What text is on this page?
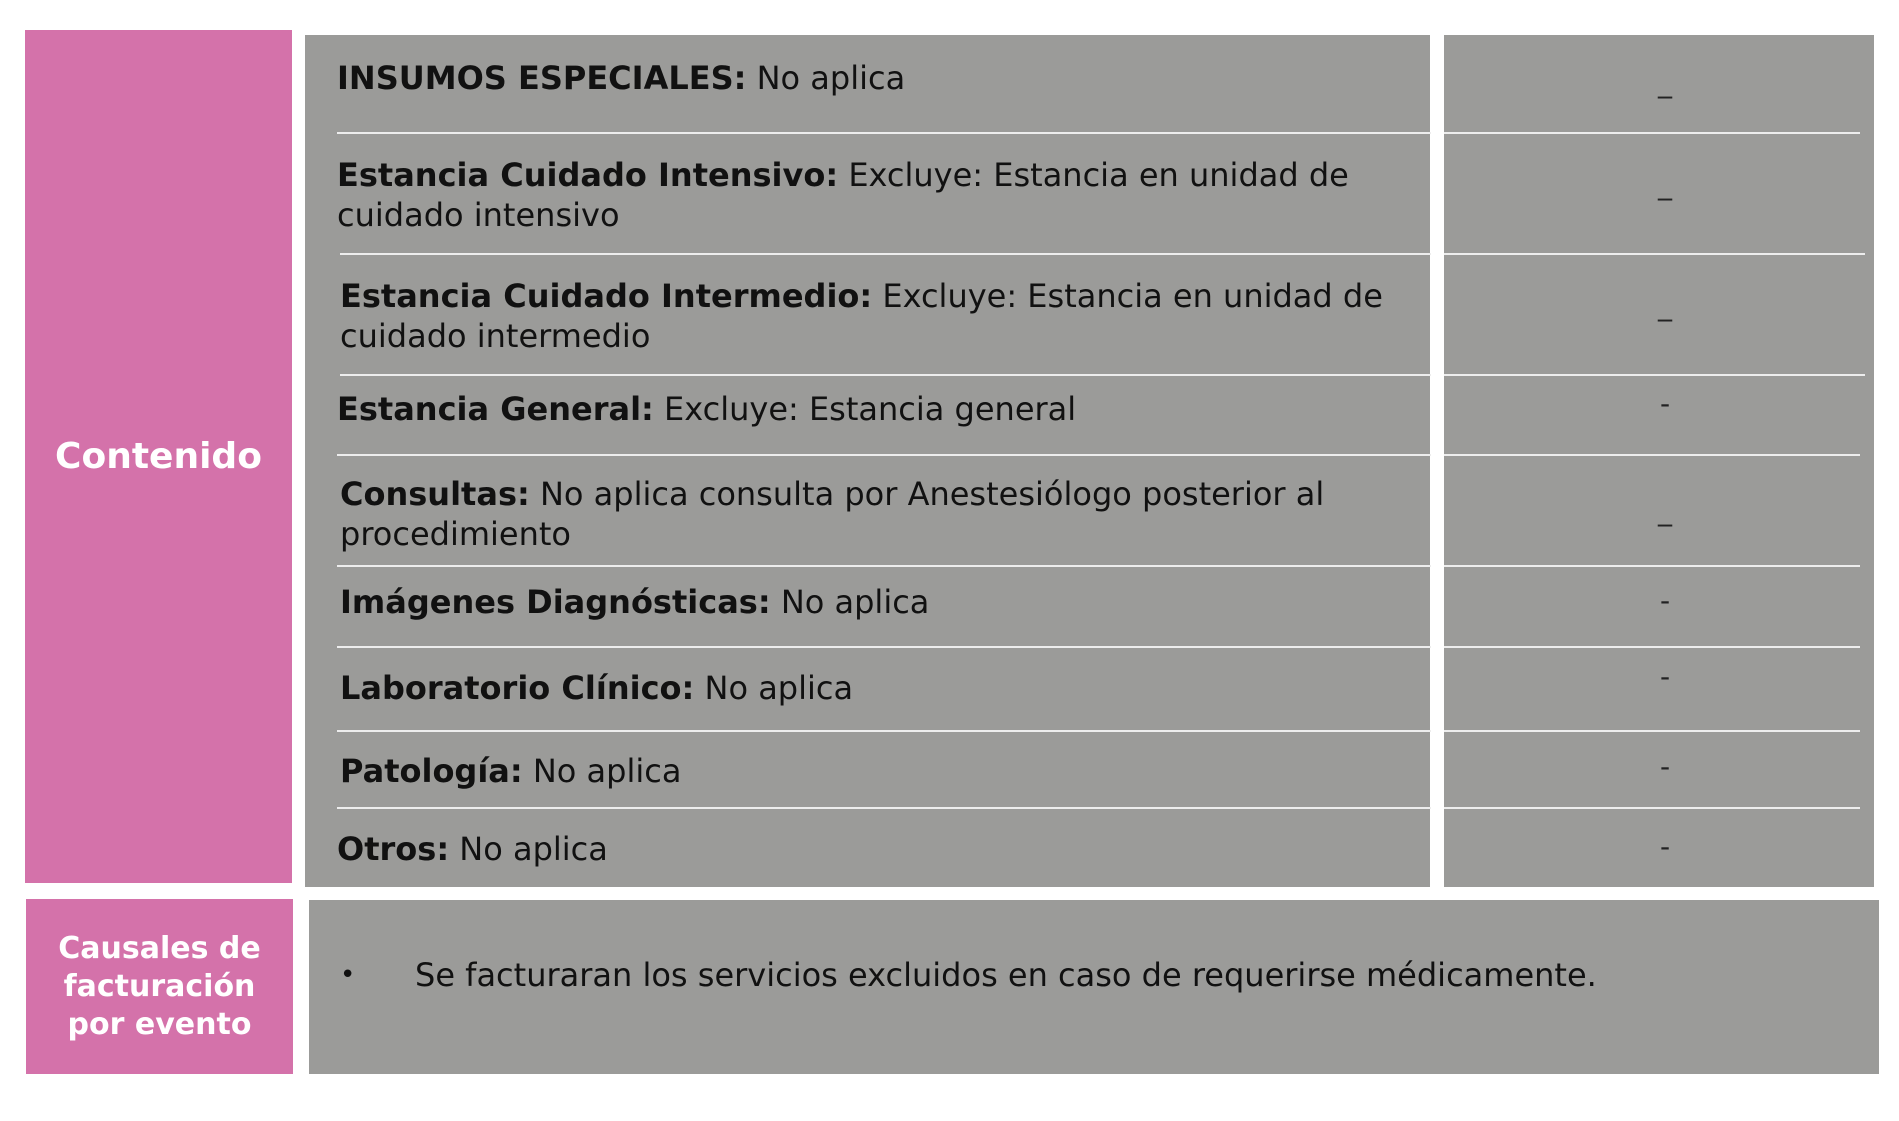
Contenido
INSUMOS ESPECIALES: No aplica
Estancia Cuidado Intensivo: Excluye: Estancia en unidad de cuidado intensivo
Estancia Cuidado Intermedio: Excluye: Estancia en unidad de cuidado intermedio
Estancia General: Excluye: Estancia general
Consultas: No aplica consulta por Anestesiólogo posterior al procedimiento
Imágenes Diagnósticas: No aplica
Laboratorio Clínico: No aplica
Patología: No aplica
Otros: No aplica
_
_
_
-
_
-
-
-
-
Causales de facturación por evento
• Se facturaran los servicios excluidos en caso de requerirse médicamente.
